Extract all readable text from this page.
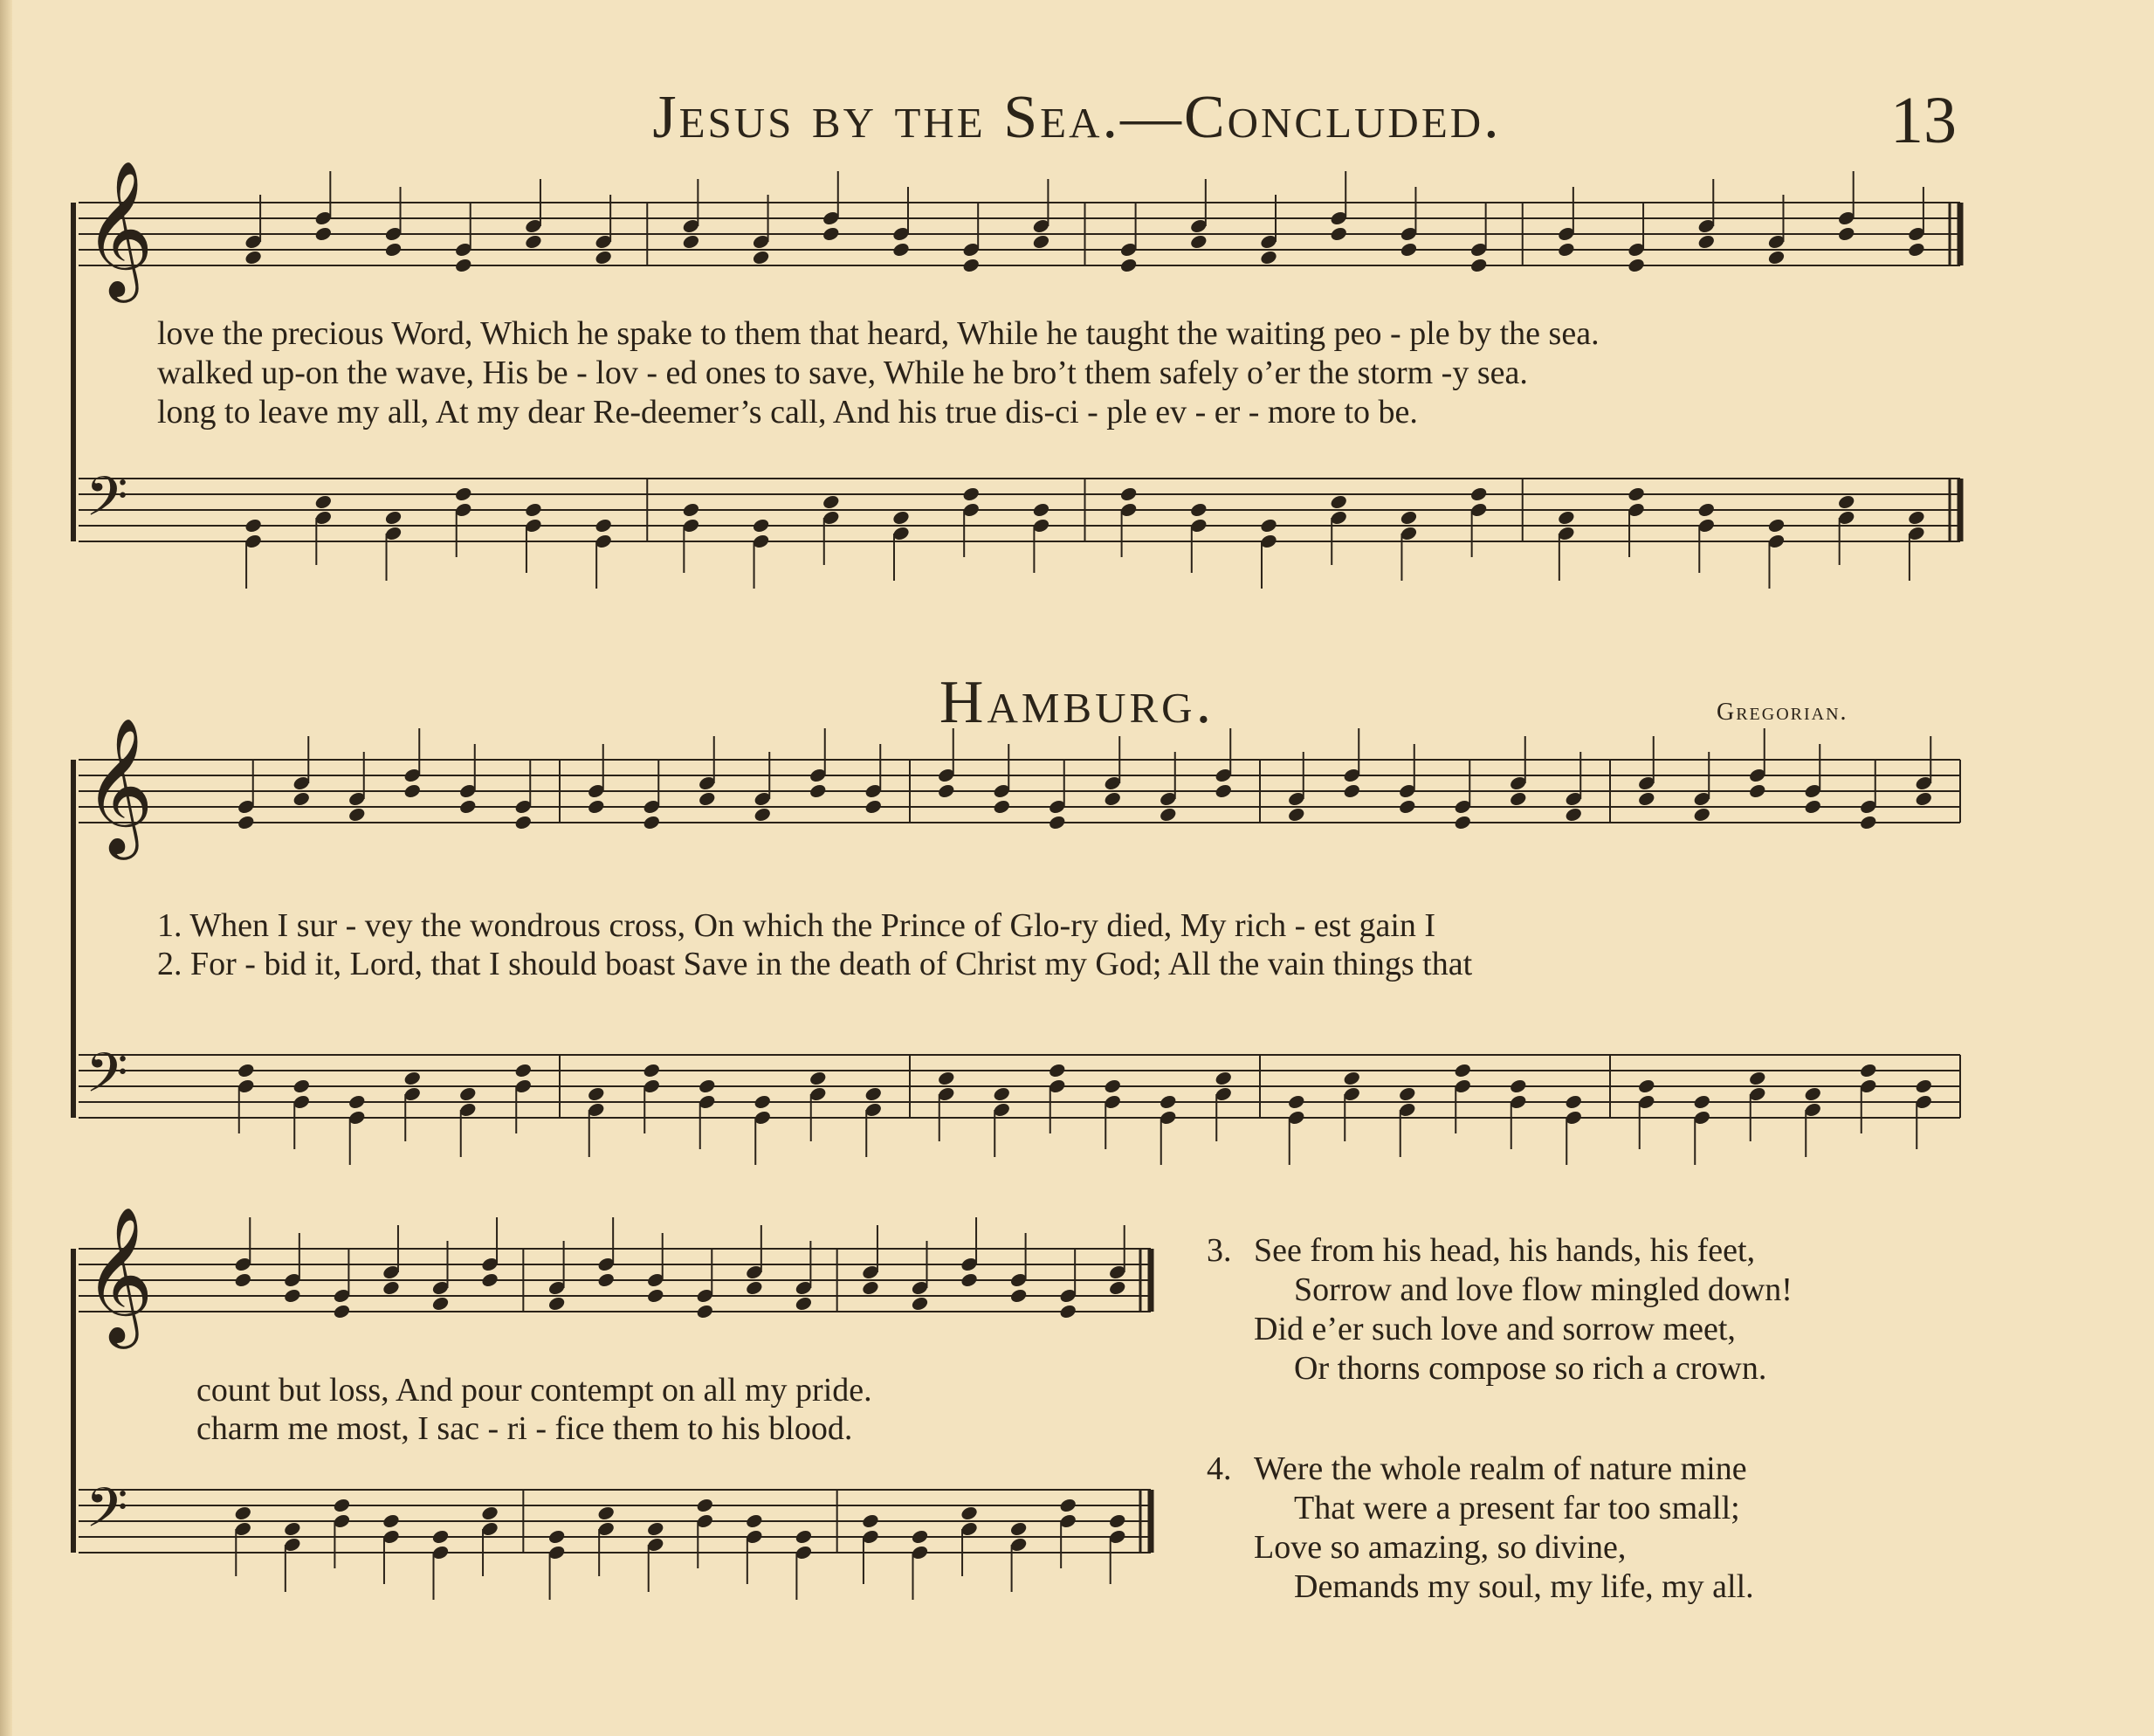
Jesus by the Sea.—Concluded.	13
𝄞
𝄢
𝄞
𝄢
𝄞
𝄢
love the precious Word, Which he spake to them that heard, While he taught the waiting peo - ple by the sea.
walked up-on the wave, His be - lov - ed ones to save, While he bro’t them safely o’er the storm -y sea.
long to leave my all, At my dear Re-deemer’s call, And his true dis-ci - ple ev - er - more to be.
Hamburg.	Gregorian.
1. When I sur - vey the wondrous cross, On which the Prince of Glo-ry died, My rich - est gain I
2. For - bid it, Lord, that I should boast Save in the death of Christ my God; All the vain things that
count but loss, And pour contempt on all my pride.
charm me most, I sac - ri - fice them to his blood.
3. See from his head, his hands, his feet,
Sorrow and love flow mingled down!
Did e’er such love and sorrow meet,
Or thorns compose so rich a crown.
4. Were the whole realm of nature mine
That were a present far too small;
Love so amazing, so divine,
Demands my soul, my life, my all.
